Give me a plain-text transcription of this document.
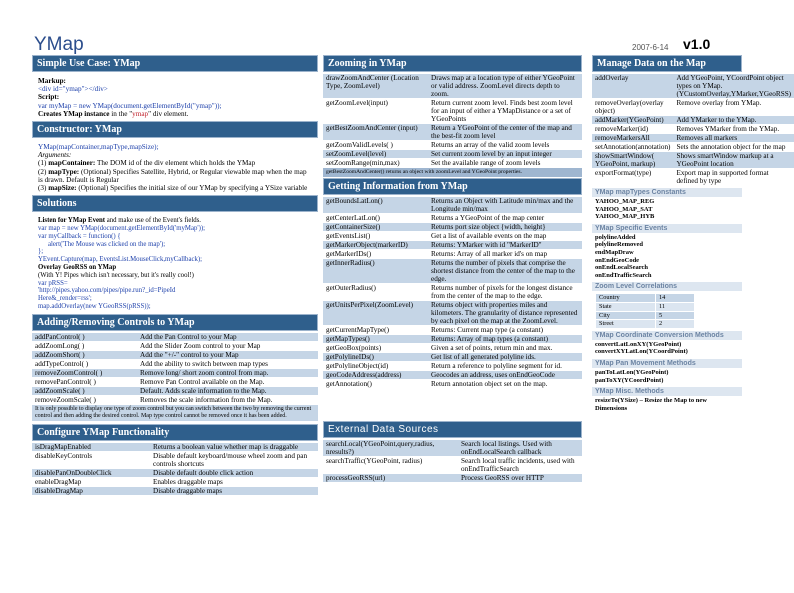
YMap	2007-6-14 v1.0
Simple Use Case: YMap
Markup:
<div id="ymap"></div>
Script:
var myMap = new YMap(document.getElementById("ymap"));
Creates YMap instance in the "ymap" div element.
Constructor: YMap
YMap(mapContainer,mapType,mapSize);
Arguments:
(1) mapContainer: The DOM id of the div element which holds the YMap
(2) mapType: (Optional) Specifies Satellite, Hybrid, or Regular viewable map when the map is drawn. Default is Regular
(3) mapSize: (Optional) Specifies the initial size of our YMap by specifying a YSize variable
Solutions
Listen for YMap Event and make use of the Event's fields.
var map = new YMap(document.getElementById('myMap'));
var myCallback = function() {
alert('The Mouse was clicked on the map');
};
YEvent.Capture(map, EventsList.MouseClick,myCallback);
Overlay GeoRSS on YMap
(With Y! Pipes which isn't necessary, but it's really cool!)
var pRSS=
'http://pipes.yahoo.com/pipes/pipe.run?_id=PipeId
Here&_render=rss';
map.addOverlay(new YGeoRSS(pRSS));
Adding/Removing Controls to YMap
addPanControl( )	Add the Pan Control to your Map
addZoomLong( )	Add the Slider Zoom control to your Map
addZoomShort( )	Add the "+/-" control to your Map
addTypeControl( )	Add the ability to switch between map types
removeZoomControl( )	Remove long/ short zoom control from map.
removePanControl( )	Remove Pan Control available on the Map.
addZoomScale( )	Default. Adds scale information to the Map.
removeZoomScale( )	Removes the scale information from the Map.
It is only possible to display one type of zoom control but you can switch between the two by removing the current control and then adding the desired control. Map type control cannot be removed once it has been added.
Configure YMap Functionality
isDragMapEnabled	Returns a boolean value whether map is draggable
disableKeyControls	Disable default keyboard/mouse wheel zoom and pan controls shortcuts
disablePanOnDoubleClick	Disable default double click action
enableDragMap	Enables draggable maps
disableDragMap	Disable draggable maps
Zooming in YMap
drawZoomAndCenter (Location Type, ZoomLevel)	Draws map at a location type of either YGeoPoint or valid address. ZoomLevel directs depth to zoom.
getZoomLevel(input)	Return current zoom level. Finds best zoom level for an input of either a YMapDistance or a set of YGeoPoints
getBestZoomAndCenter (input)	Return a YGeoPoint of the center of the map and the best-fit zoom level
getZoomValidLevels( )	Returns an array of the valid zoom levels
setZoomLevel(level)	Set current zoom level by an input integer
setZoomRange(min,max)	Set the available range of zoom levels
getBestZoomAndCenter() returns an object with zoomLevel and YGeoPoint properties.
Getting Information from YMap
getBoundsLatLon()	Returns an Object with Latitude min/max and the Longitude min/max
getCenterLatLon()	Returns a YGeoPoint of the map center
getContainerSize()	Returns port size object {width, height}
getEventsList()	Get a list of available events on the map
getMarkerObject(markerID)	Returns: YMarker with id "MarkerID"
getMarkerIDs()	Returns: Array of all marker id's on map
getInnerRadius()	Returns the number of pixels that comprise the shortest distance from the center of the map to the edge.
getOuterRadius()	Returns number of pixels for the longest distance from the center of the map to the edge.
getUnitsPerPixel(ZoomLevel)	Returns object with properties miles and kilometers. The granularity of distance represented by each pixel on the map at the ZoomLevel.
getCurrentMapType()	Returns: Current map type (a constant)
getMapTypes()	Returns: Array of map types (a constant)
getGeoBox(points)	Given a set of points, return min and max.
getPolylineIDs()	Get list of all generated polyline ids.
getPolylineObject(id)	Return a reference to polyline segment for id.
geoCodeAddress(address)	Geocodes an address, uses onEndGeoCode
getAnnotation()	Return annotation object set on the map.
External Data Sources
searchLocal(YGeoPoint,query,radius, nresults?)	Search local listings. Used with onEndLocalSearch callback
searchTraffic(YGeoPoint, radius)	Search local traffic incidents, used with onEndTrafficSearch
processGeoRSS(url)	Process GeoRSS over HTTP
Manage Data on the Map
addOverlay	Add YGeoPoint, YCoordPoint object types on YMap.(YCustomOverlay,YMarker,YGeoRSS)
removeOverlay(overlay object)	Remove overlay from YMap.
addMarker(YGeoPoint)	Add YMarker to the YMap.
removeMarker(id)	Removes YMarker from the YMap.
removeMarkersAll	Removes all markers
setAnnotation(annotation)	Sets the annotation object for the map
showSmartWindow( YGeoPoint, markup)	Shows smartWindow markup at a YGeoPoint location
exportFormat(type)	Export map in supported format defined by type
YMap mapTypes Constants
YAHOO_MAP_REG
YAHOO_MAP_SAT
YAHOO_MAP_HYB
YMap Specific Events
polylineAdded
polylineRemoved
endMapDraw
onEndGeoCode
onEndLocalSearch
onEndTrafficSearch
Zoom Level Correlations
Country	14
State	11
City	5
Street	2
YMap Coordinate Conversion Methods
convertLatLonXY(YGeoPoint)
convertXYLatLon(YCoordPoint)
YMap Pan Movement Methods
panToLatLon(YGeoPoint)
panToXY(YCoordPoint)
YMap Misc. Methods
resizeTo(YSize) – Resize the Map to new Dimensions
